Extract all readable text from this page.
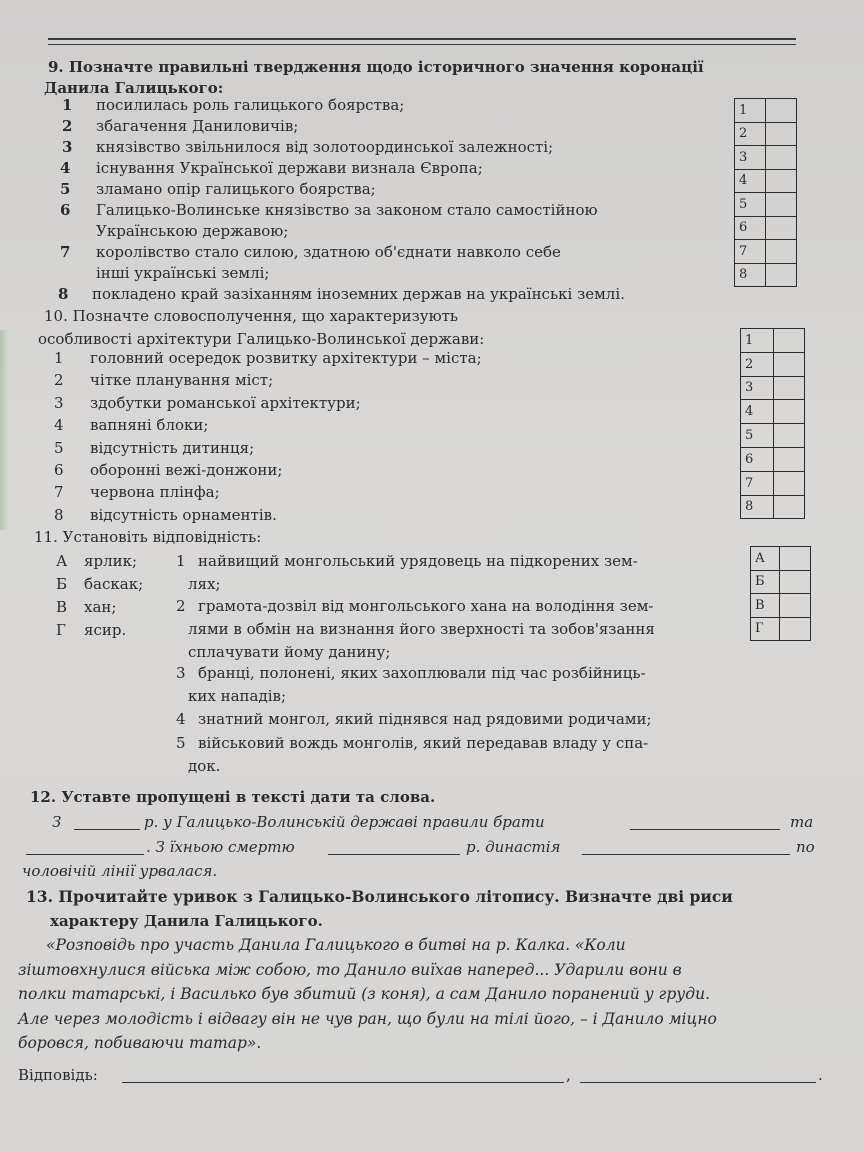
9. Позначте правильні твердження щодо історичного значення коронації
Данила Галицького:
1 посилилась роль галицького боярства;
2 збагачення Даниловичів;
3 князівство звільнилося від золотоординської залежності;
4 існування Української держави визнала Європа;
5 зламано опір галицького боярства;
6 Галицько-Волинське князівство за законом стало самостійною
Українською державою;
7 королівство стало силою, здатною об'єднати навколо себе
інші українські землі;
8 покладено край зазіханням іноземних держав на українські землі.
1	
2	
3	
4	
5	
6	
7	
8	
10. Позначте словосполучення, що характеризують
особливості архітектури Галицько-Волинської держави:
1 головний осередок розвитку архітектури – міста;
2 чітке планування міст;
3 здобутки романської архітектури;
4 вапняні блоки;
5 відсутність дитинця;
6 оборонні вежі-донжони;
7 червона плінфа;
8 відсутність орнаментів.
1	
2	
3	
4	
5	
6	
7	
8	
11. Установіть відповідність:
А ярлик;
Б баскак;
В хан;
Г ясир.
1 найвищий монгольський урядовець на підкорених зем-
лях;
2 грамота-дозвіл від монгольського хана на володіння зем-
лями в обмін на визнання його зверхності та зобов'язання
сплачувати йому данину;
3 бранці, полонені, яких захоплювали під час розбійниць-
ких нападів;
4 знатний монгол, який піднявся над рядовими родичами;
5 військовий вождь монголів, який передавав владу у спа-
док.
А	
Б	
В	
Г	
12. Уставте пропущені в тексті дати та слова.
З	р. у Галицько-Волинській державі правили брати	та
. З їхньою смертю	р. династія	по
чоловічій лінії урвалася.
13. Прочитайте уривок з Галицько-Волинського літопису. Визначте дві риси
характеру Данила Галицького.
«Розповідь про участь Данила Галицького в битві на р. Калка. «Коли
зіштовхнулися війська між собою, то Данило виїхав наперед... Ударили вони в
полки татарські, і Василько був збитий (з коня), а сам Данило поранений у груди.
Але через молодість і відвагу він не чув ран, що були на тілі його, – і Данило міцно
боровся, побиваючи татар».
Відповідь:	,	.
